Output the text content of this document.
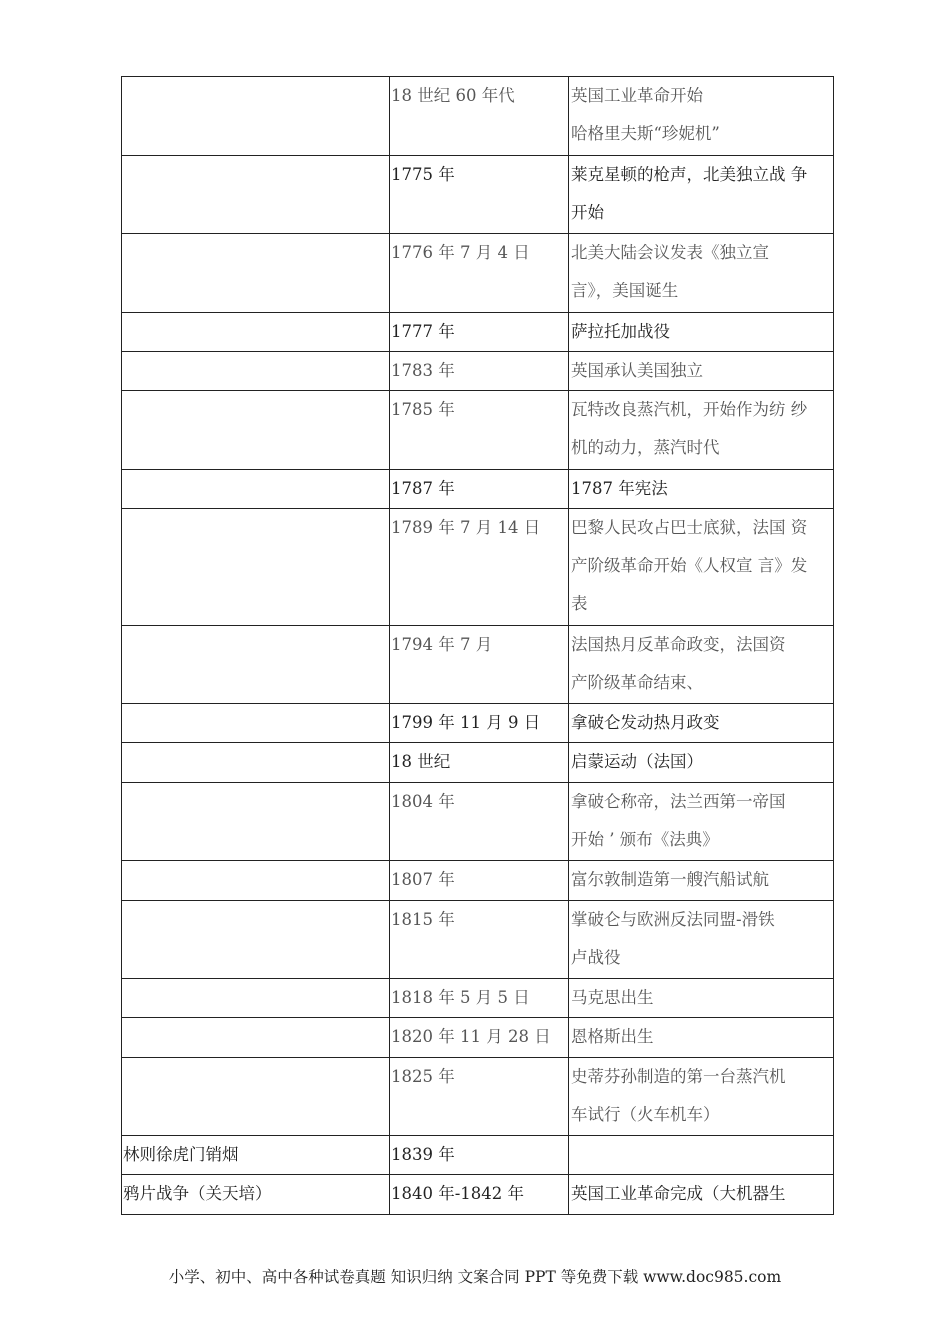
	18 世纪 60 年代	英国工业革命开始
哈格里夫斯“珍妮机”

	1775 年	莱克星顿的枪声，北美独立战 争
开始

	1776 年 7 月 4 日	北美大陆会议发表《独立宣
言》，美国诞生

	1777 年	萨拉托加战役

	1783 年	英国承认美国独立

	1785 年	瓦特改良蒸汽机，开始作为纺 纱
机的动力，蒸汽时代

	1787 年	1787 年宪法

	1789 年 7 月 14 日	巴黎人民攻占巴士底狱，法国 资
产阶级革命开始《人权宣 言》发
表

	1794 年 7 月	法国热月反革命政变，法国资
产阶级革命结束、

	1799 年 11 月 9 日	拿破仑发动热月政变

	18 世纪	启蒙运动（法国）

	1804 年	拿破仑称帝，法兰西第一帝国
开始 ’ 颁布《法典》

	1807 年	富尔敦制造第一艘汽船试航

	1815 年	掌破仑与欧洲反法同盟-滑铁
卢战役

	1818 年 5 月 5 日	马克思出生

	1820 年 11 月 28 日	恩格斯出生

	1825 年	史蒂芬孙制造的第一台蒸汽机
车试行（火车机车）

林则徐虎门销烟	1839 年	

鸦片战争（关天培）	1840 年-1842 年	英国工业革命完成（大机器生
小学、初中、高中各种试卷真题 知识归纳 文案合同 PPT 等免费下载 www.doc985.com
